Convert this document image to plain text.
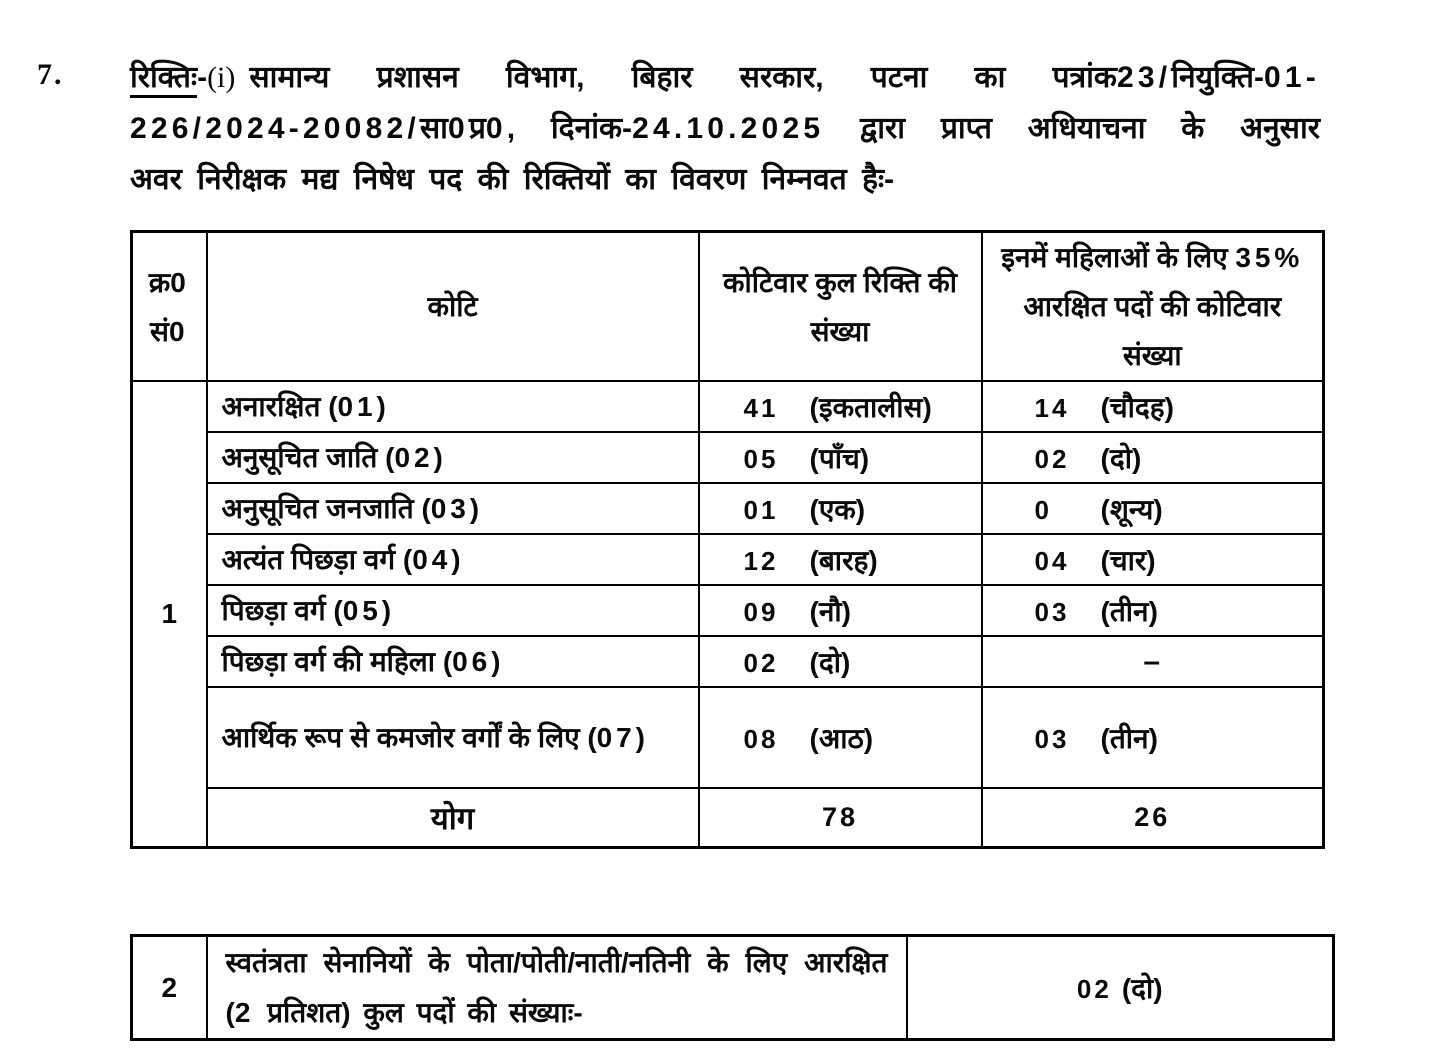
7. रिक्तिः-(i) सामान्य प्रशासन विभाग, बिहार सरकार, पटना का पत्रांक23/नियुक्ति-01-
226/2024-20082/सा0प्र0, दिनांक-24.10.2025 द्वारा प्राप्त अधियाचना के अनुसार
अवर निरीक्षक मद्य निषेध पद की रिक्तियों का विवरण निम्नवत हैः-
क्र0 सं0	कोटि	कोटिवार कुल रिक्ति की संख्या	इनमें महिलाओं के लिए 35% आरक्षित पदों की कोटिवार संख्या
1	अनारक्षित (01)	41 (इकतालीस)	14 (चौदह)
	अनुसूचित जाति (02)	05 (पाँच)	02 (दो)
	अनुसूचित जनजाति (03)	01 (एक)	0 (शून्य)
	अत्यंत पिछड़ा वर्ग (04)	12 (बारह)	04 (चार)
	पिछड़ा वर्ग (05)	09 (नौ)	03 (तीन)
	पिछड़ा वर्ग की महिला (06)	02 (दो)	–
	आर्थिक रूप से कमजोर वर्गों के लिए (07)	08 (आठ)	03 (तीन)
	योग	78	26
2	स्वतंत्रता सेनानियों के पोता/पोती/नाती/नतिनी के लिए आरक्षित (2 प्रतिशत) कुल पदों की संख्याः-	02 (दो)
